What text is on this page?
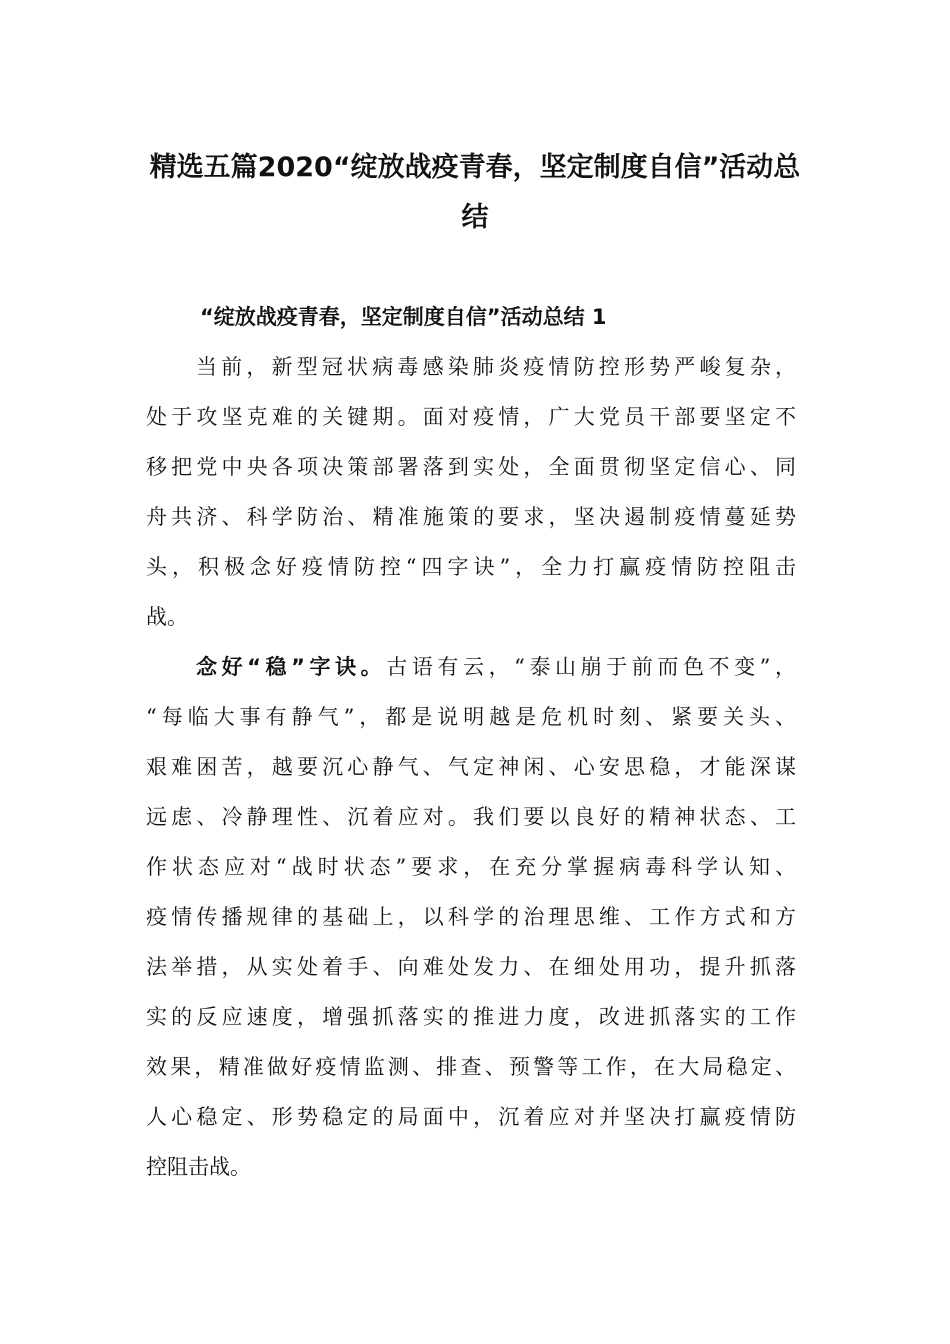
精选五篇2020“绽放战疫青春，坚定制度自信”活动总
结
“绽放战疫青春，坚定制度自信”活动总结 1
当前，新型冠状病毒感染肺炎疫情防控形势严峻复杂，
处于攻坚克难的关键期。面对疫情，广大党员干部要坚定不
移把党中央各项决策部署落到实处，全面贯彻坚定信心、同
舟共济、科学防治、精准施策的要求，坚决遏制疫情蔓延势
头，积极念好疫情防控“四字诀”，全力打赢疫情防控阻击
战。
念好“稳”字诀。古语有云，“泰山崩于前而色不变”，
“每临大事有静气”，都是说明越是危机时刻、紧要关头、
艰难困苦，越要沉心静气、气定神闲、心安思稳，才能深谋
远虑、冷静理性、沉着应对。我们要以良好的精神状态、工
作状态应对“战时状态”要求，在充分掌握病毒科学认知、
疫情传播规律的基础上，以科学的治理思维、工作方式和方
法举措，从实处着手、向难处发力、在细处用功，提升抓落
实的反应速度，增强抓落实的推进力度，改进抓落实的工作
效果，精准做好疫情监测、排查、预警等工作，在大局稳定、
人心稳定、形势稳定的局面中，沉着应对并坚决打赢疫情防
控阻击战。
